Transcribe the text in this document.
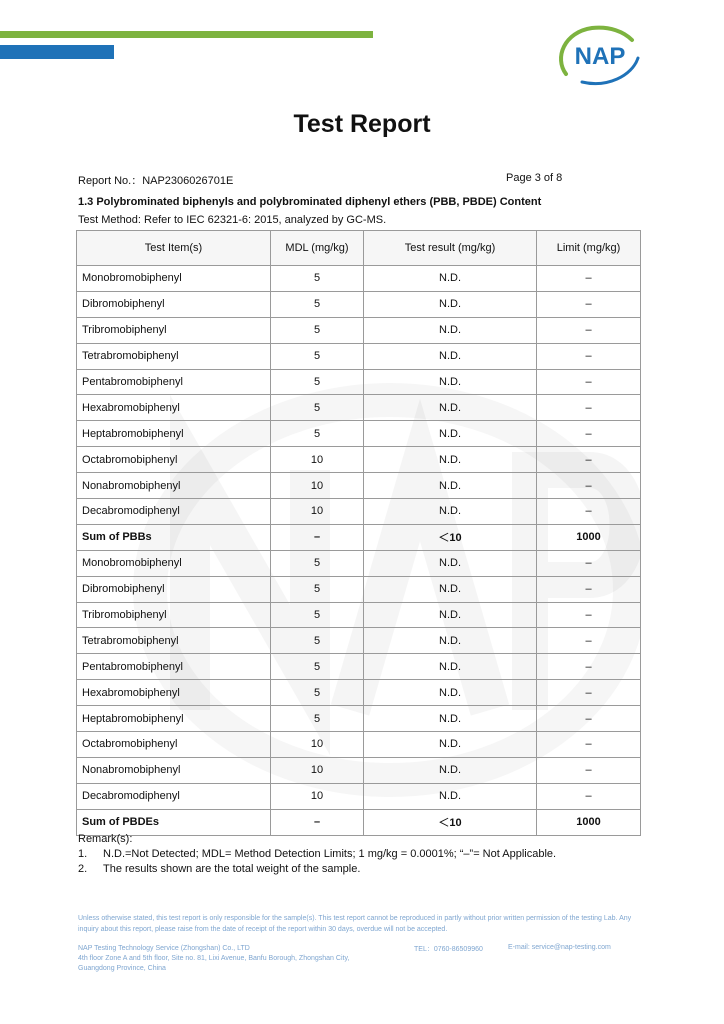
NAP
Test Report
Report No.：NAP2306026701E	Page 3 of 8
1.3 Polybrominated biphenyls and polybrominated diphenyl ethers (PBB, PBDE) Content
Test Method: Refer to IEC 62321-6: 2015, analyzed by GC-MS.
Test Item(s)	MDL (mg/kg)	Test result (mg/kg)	Limit (mg/kg)
Monobromobiphenyl	5	N.D.	–
Dibromobiphenyl	5	N.D.	–
Tribromobiphenyl	5	N.D.	–
Tetrabromobiphenyl	5	N.D.	–
Pentabromobiphenyl	5	N.D.	–
Hexabromobiphenyl	5	N.D.	–
Heptabromobiphenyl	5	N.D.	–
Octabromobiphenyl	10	N.D.	–
Nonabromobiphenyl	10	N.D.	–
Decabromodiphenyl	10	N.D.	–
Sum of PBBs	–	＜10	1000
Monobromobiphenyl	5	N.D.	–
Dibromobiphenyl	5	N.D.	–
Tribromobiphenyl	5	N.D.	–
Tetrabromobiphenyl	5	N.D.	–
Pentabromobiphenyl	5	N.D.	–
Hexabromobiphenyl	5	N.D.	–
Heptabromobiphenyl	5	N.D.	–
Octabromobiphenyl	10	N.D.	–
Nonabromobiphenyl	10	N.D.	–
Decabromodiphenyl	10	N.D.	–
Sum of PBDEs	–	＜10	1000
Remark(s):
1. N.D.=Not Detected; MDL= Method Detection Limits; 1 mg/kg = 0.0001%; “–”= Not Applicable.
2. The results shown are the total weight of the sample.
Unless otherwise stated, this test report is only responsible for the sample(s). This test report cannot be reproduced in partly without prior written permission of the testing Lab. Any inquiry about this report, please raise from the date of receipt of the report within 30 days, overdue will not be accepted.
NAP Testing Technology Service (Zhongshan) Co., LTD
4th floor Zone A and 5th floor, Site no. 81, Lixi Avenue, Banfu Borough, Zhongshan City,
Guangdong Province, China
TEL：0760-86509960	E-mail: service@nap-testing.com
